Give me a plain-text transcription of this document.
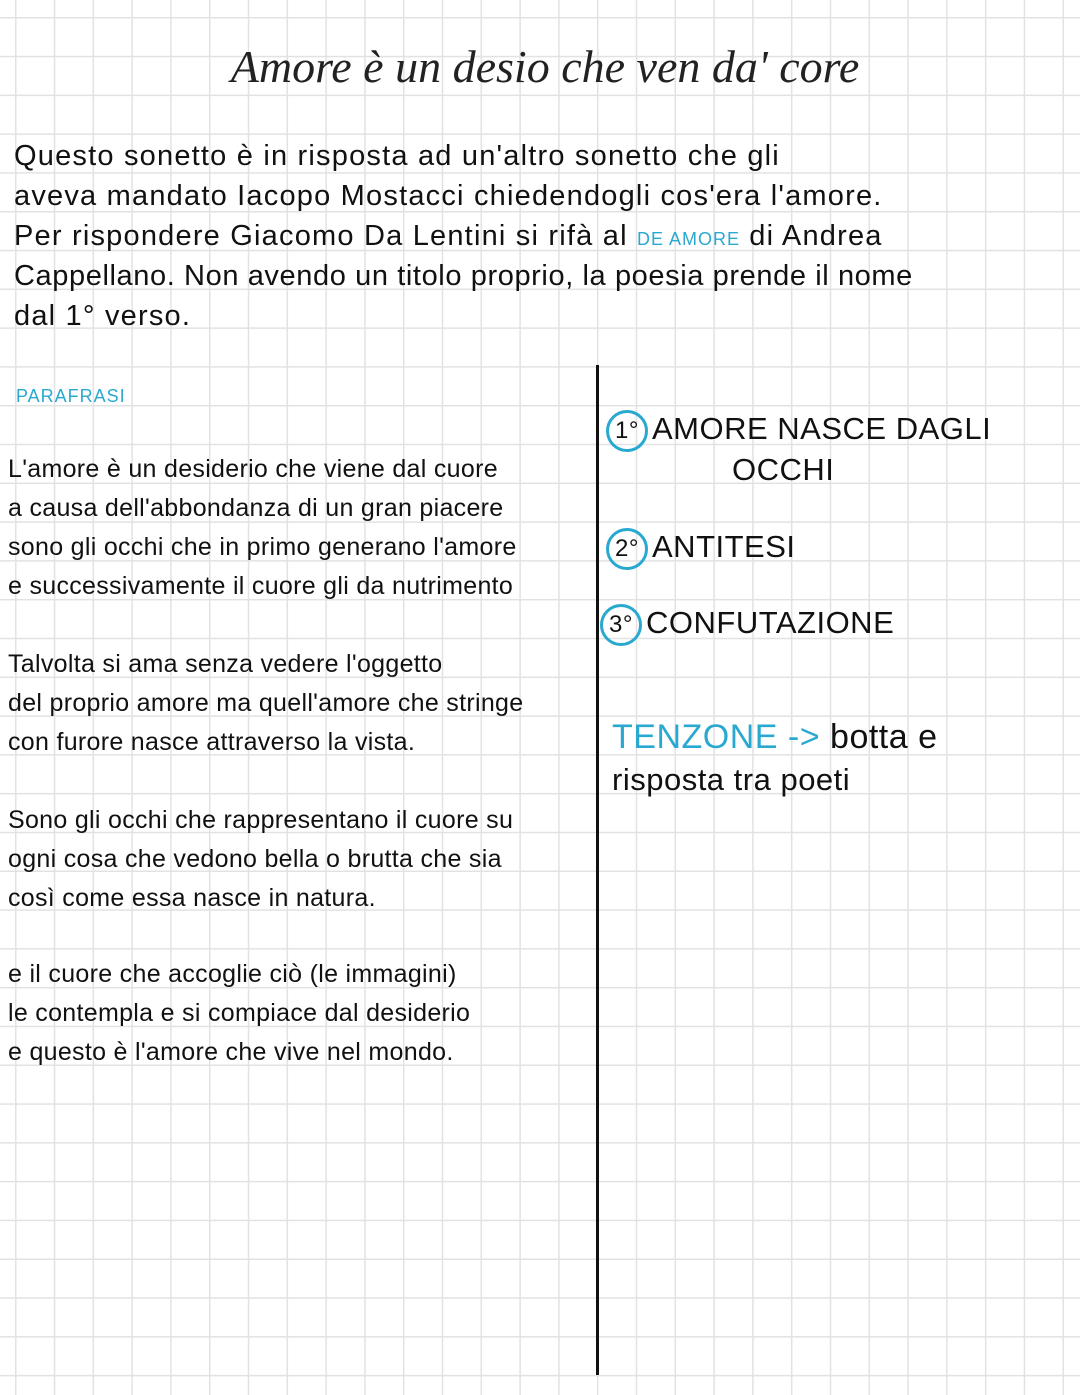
Amore è un desio che ven da' core
Questo sonetto è in risposta ad un'altro sonetto che gli
aveva mandato Iacopo Mostacci chiedendogli cos'era l'amore.
Per rispondere Giacomo Da Lentini si rifà al DE AMORE di Andrea
Cappellano. Non avendo un titolo proprio, la poesia prende il nome
dal 1° verso.
PARAFRASI
L'amore è un desiderio che viene dal cuore
a causa dell'abbondanza di un gran piacere
sono gli occhi che in primo generano l'amore
e successivamente il cuore gli da nutrimento
Talvolta si ama senza vedere l'oggetto
del proprio amore ma quell'amore che stringe
con furore nasce attraverso la vista.
Sono gli occhi che rappresentano il cuore su
ogni cosa che vedono bella o brutta che sia
così come essa nasce in natura.
e il cuore che accoglie ciò (le immagini)
le contempla e si compiace dal desiderio
e questo è l'amore che vive nel mondo.
1° AMORE NASCE DAGLI
OCCHI
2° ANTITESI
3° CONFUTAZIONE
TENZONE -> botta e
risposta tra poeti
